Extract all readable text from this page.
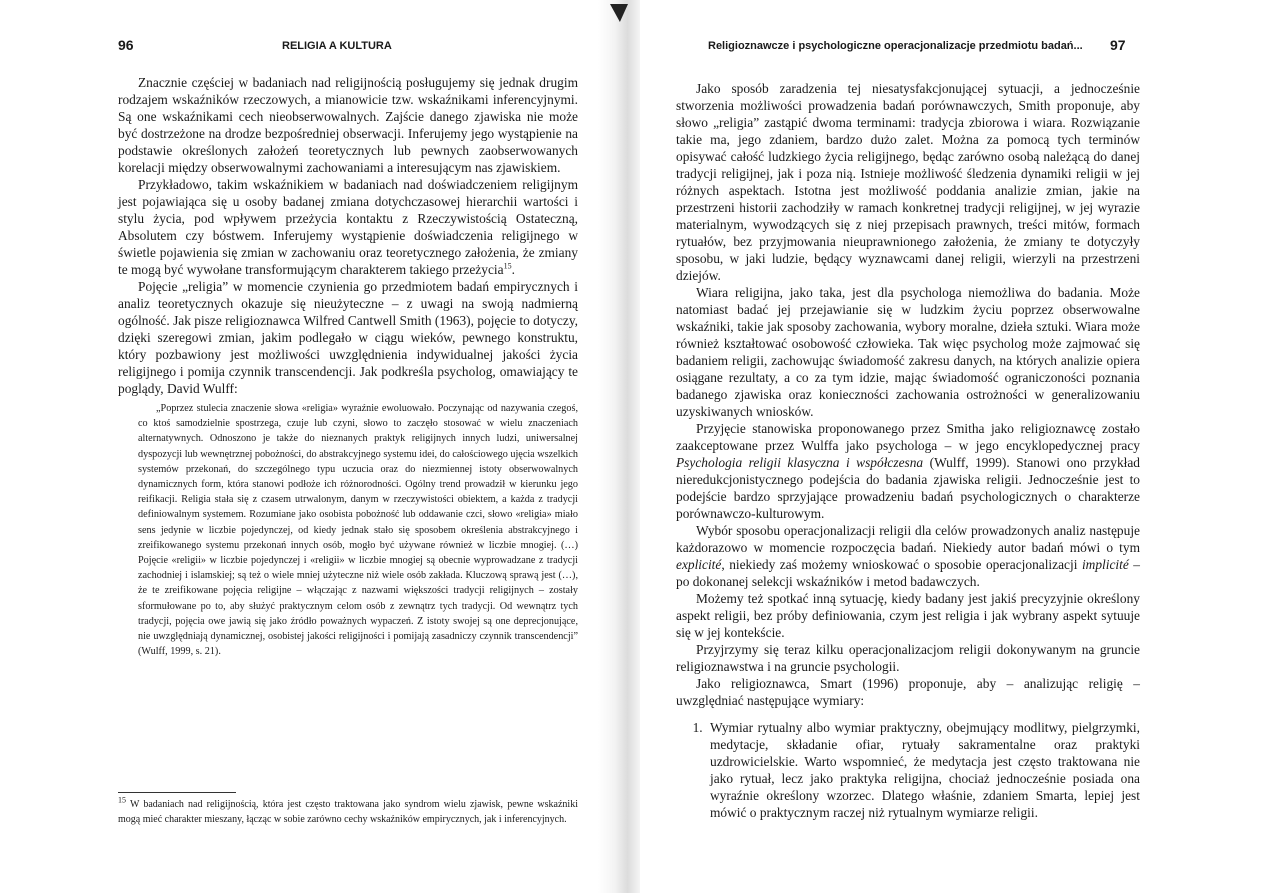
96	RELIGIA A KULTURA

Znacznie częściej w badaniach nad religijnością posługujemy się jednak drugim rodzajem wskaźników rzeczowych, a mianowicie tzw. wskaźnikami inferencyjnymi. Są one wskaźnikami cech nieobserwowalnych. Zajście danego zjawiska nie może być dostrzeżone na drodze bezpośredniej obserwacji. Inferujemy jego wystąpienie na podstawie określonych założeń teoretycznych lub pewnych zaobserwowanych korelacji między obserwowalnymi zachowaniami a interesującym nas zjawiskiem.

Przykładowo, takim wskaźnikiem w badaniach nad doświadczeniem religijnym jest pojawiająca się u osoby badanej zmiana dotychczasowej hierarchii wartości i stylu życia, pod wpływem przeżycia kontaktu z Rzeczywistością Ostateczną, Absolutem czy bóstwem. Inferujemy wystąpienie doświadczenia religijnego w świetle pojawienia się zmian w zachowaniu oraz teoretycznego założenia, że zmiany te mogą być wywołane transformującym charakterem takiego przeżycia$^{15}$.

Pojęcie „religia” w momencie czynienia go przedmiotem badań empirycznych i analiz teoretycznych okazuje się nieużyteczne – z uwagi na swoją nadmierną ogólność. Jak pisze religioznawca Wilfred Cantwell Smith (1963), pojęcie to dotyczy, dzięki szeregowi zmian, jakim podlegało w ciągu wieków, pewnego konstruktu, który pozbawiony jest możliwości uwzględnienia indywidualnej jakości życia religijnego i pomija czynnik transcendencji. Jak podkreśla psycholog, omawiający te poglądy, David Wulff:

„Poprzez stulecia znaczenie słowa «religia» wyraźnie ewoluowało. Poczynając od nazywania czegoś, co ktoś samodzielnie spostrzega, czuje lub czyni, słowo to zaczęło stosować w wielu znaczeniach alternatywnych. Odnoszono je także do nieznanych praktyk religijnych innych ludzi, uniwersalnej dyspozycji lub wewnętrznej pobożności, do abstrakcyjnego systemu idei, do całościowego ujęcia wszelkich systemów przekonań, do szczególnego typu uczucia oraz do niezmiennej istoty obserwowalnych dynamicznych form, która stanowi podłoże ich różnorodności. Ogólny trend prowadził w kierunku jego reifikacji. Religia stała się z czasem utrwalonym, danym w rzeczywistości obiektem, a każda z tradycji definiowalnym systemem. Rozumiane jako osobista pobożność lub oddawanie czci, słowo «religia» miało sens jedynie w liczbie pojedynczej, od kiedy jednak stało się sposobem określenia abstrakcyjnego i zreifikowanego systemu przekonań innych osób, mogło być używane również w liczbie mnogiej. (…) Pojęcie «religii» w liczbie pojedynczej i «religii» w liczbie mnogiej są obecnie wyprowadzane z tradycji zachodniej i islamskiej; są też o wiele mniej użyteczne niż wiele osób zakłada. Kluczową sprawą jest (…), że te zreifikowane pojęcia religijne – włączając z nazwami większości tradycji religijnych – zostały sformułowane po to, aby służyć praktycznym celom osób z zewnątrz tych tradycji. Od wewnątrz tych tradycji, pojęcia owe jawią się jako źródło poważnych wypaczeń. Z istoty swojej są one deprecjonujące, nie uwzględniają dynamicznej, osobistej jakości religijności i pomijają zasadniczy czynnik transcendencji” (Wulff, 1999, s. 21).

$^{15}$ W badaniach nad religijnością, która jest często traktowana jako syndrom wielu zjawisk, pewne wskaźniki mogą mieć charakter mieszany, łącząc w sobie zarówno cechy wskaźników empirycznych, jak i inferencyjnych.
Religioznawcze i psychologiczne operacjonalizacje przedmiotu badań... 97

Jako sposób zaradzenia tej niesatysfakcjonującej sytuacji, a jednocześnie stworzenia możliwości prowadzenia badań porównawczych, Smith proponuje, aby słowo „religia” zastąpić dwoma terminami: tradycja zbiorowa i wiara. Rozwiązanie takie ma, jego zdaniem, bardzo dużo zalet. Można za pomocą tych terminów opisywać całość ludzkiego życia religijnego, będąc zarówno osobą należącą do danej tradycji religijnej, jak i poza nią. Istnieje możliwość śledzenia dynamiki religii w jej różnych aspektach. Istotna jest możliwość poddania analizie zmian, jakie na przestrzeni historii zachodziły w ramach konkretnej tradycji religijnej, w jej wyrazie materialnym, wywodzących się z niej przepisach prawnych, treści mitów, formach rytuałów, bez przyjmowania nieuprawnionego założenia, że zmiany te dotyczyły sposobu, w jaki ludzie, będący wyznawcami danej religii, wierzyli na przestrzeni dziejów.

Wiara religijna, jako taka, jest dla psychologa niemożliwa do badania. Może natomiast badać jej przejawianie się w ludzkim życiu poprzez obserwowalne wskaźniki, takie jak sposoby zachowania, wybory moralne, dzieła sztuki. Wiara może również kształtować osobowość człowieka. Tak więc psycholog może zajmować się badaniem religii, zachowując świadomość zakresu danych, na których analizie opiera osiągane rezultaty, a co za tym idzie, mając świadomość ograniczoności poznania badanego zjawiska oraz konieczności zachowania ostrożności w generalizowaniu uzyskiwanych wniosków.

Przyjęcie stanowiska proponowanego przez Smitha jako religioznawcę zostało zaakceptowane przez Wulffa jako psychologa – w jego encyklopedycznej pracy Psychologia religii klasyczna i współczesna (Wulff, 1999). Stanowi ono przykład nieredukcjonistycznego podejścia do badania zjawiska religii. Jednocześnie jest to podejście bardzo sprzyjające prowadzeniu badań psychologicznych o charakterze porównawczo-kulturowym.

Wybór sposobu operacjonalizacji religii dla celów prowadzonych analiz następuje każdorazowo w momencie rozpoczęcia badań. Niekiedy autor badań mówi o tym explicité, niekiedy zaś możemy wnioskować o sposobie operacjonalizacji implicité – po dokonanej selekcji wskaźników i metod badawczych.

Możemy też spotkać inną sytuację, kiedy badany jest jakiś precyzyjnie określony aspekt religii, bez próby definiowania, czym jest religia i jak wybrany aspekt sytuuje się w jej kontekście.

Przyjrzymy się teraz kilku operacjonalizacjom religii dokonywanym na gruncie religioznawstwa i na gruncie psychologii.

Jako religioznawca, Smart (1996) proponuje, aby – analizując religię – uwzględniać następujące wymiary:

1. Wymiar rytualny albo wymiar praktyczny, obejmujący modlitwy, pielgrzymki, medytacje, składanie ofiar, rytuały sakramentalne oraz praktyki uzdrowicielskie. Warto wspomnieć, że medytacja jest często traktowana nie jako rytuał, lecz jako praktyka religijna, chociaż jednocześnie posiada ona wyraźnie określony wzorzec. Dlatego właśnie, zdaniem Smarta, lepiej jest mówić o praktycznym raczej niż rytualnym wymiarze religii.
